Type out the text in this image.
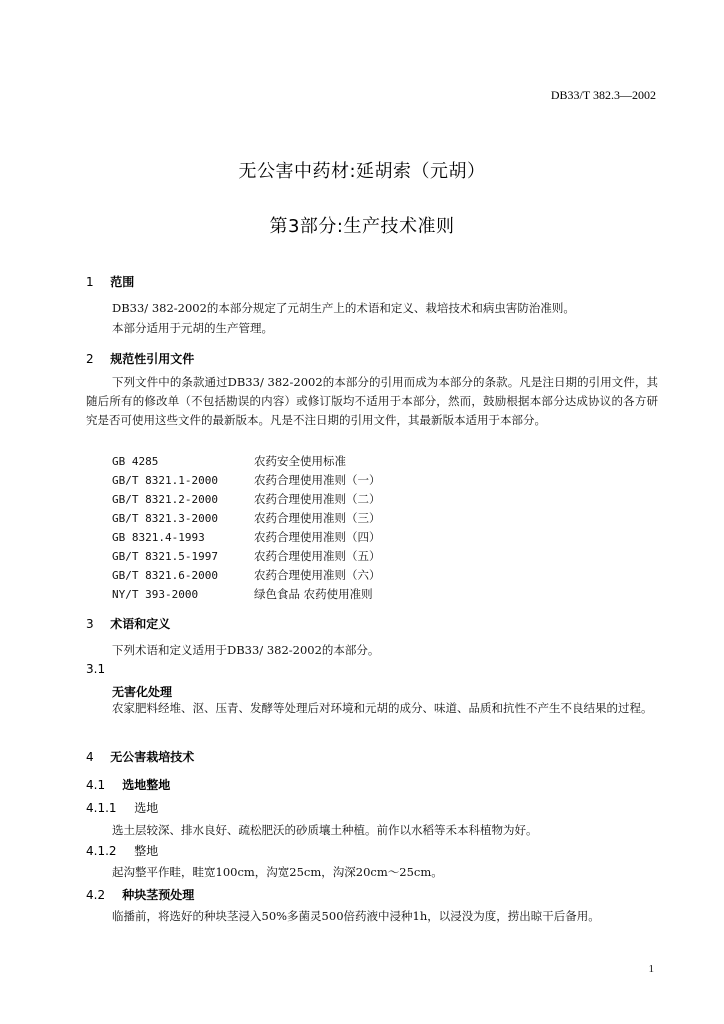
DB33/T 382.3—2002
无公害中药材:延胡索（元胡）
第3部分:生产技术准则
1 范围
DB33/ 382-2002的本部分规定了元胡生产上的术语和定义、栽培技术和病虫害防治准则。
本部分适用于元胡的生产管理。
2 规范性引用文件
下列文件中的条款通过DB33/ 382-2002的本部分的引用而成为本部分的条款。凡是注日期的引用文件，其随后所有的修改单（不包括勘误的内容）或修订版均不适用于本部分，然而，鼓励根据本部分达成协议的各方研究是否可使用这些文件的最新版本。凡是不注日期的引用文件，其最新版本适用于本部分。
GB 4285	农药安全使用标准
GB/T 8321.1-2000	农药合理使用准则（一）
GB/T 8321.2-2000	农药合理使用准则（二）
GB/T 8321.3-2000	农药合理使用准则（三）
GB 8321.4-1993	农药合理使用准则（四）
GB/T 8321.5-1997	农药合理使用准则（五）
GB/T 8321.6-2000	农药合理使用准则（六）
NY/T 393-2000	绿色食品 农药使用准则
3 术语和定义
下列术语和定义适用于DB33/ 382-2002的本部分。
3.1
无害化处理
农家肥料经堆、沤、压青、发酵等处理后对环境和元胡的成分、味道、品质和抗性不产生不良结果的过程。
4 无公害栽培技术
4.1 选地整地
4.1.1 选地
选土层较深、排水良好、疏松肥沃的砂质壤土种植。前作以水稻等禾本科植物为好。
4.1.2 整地
起沟整平作畦，畦宽100cm，沟宽25cm，沟深20cm～25cm。
4.2 种块茎预处理
临播前，将选好的种块茎浸入50%多菌灵500倍药液中浸种1h，以浸没为度，捞出晾干后备用。
1
